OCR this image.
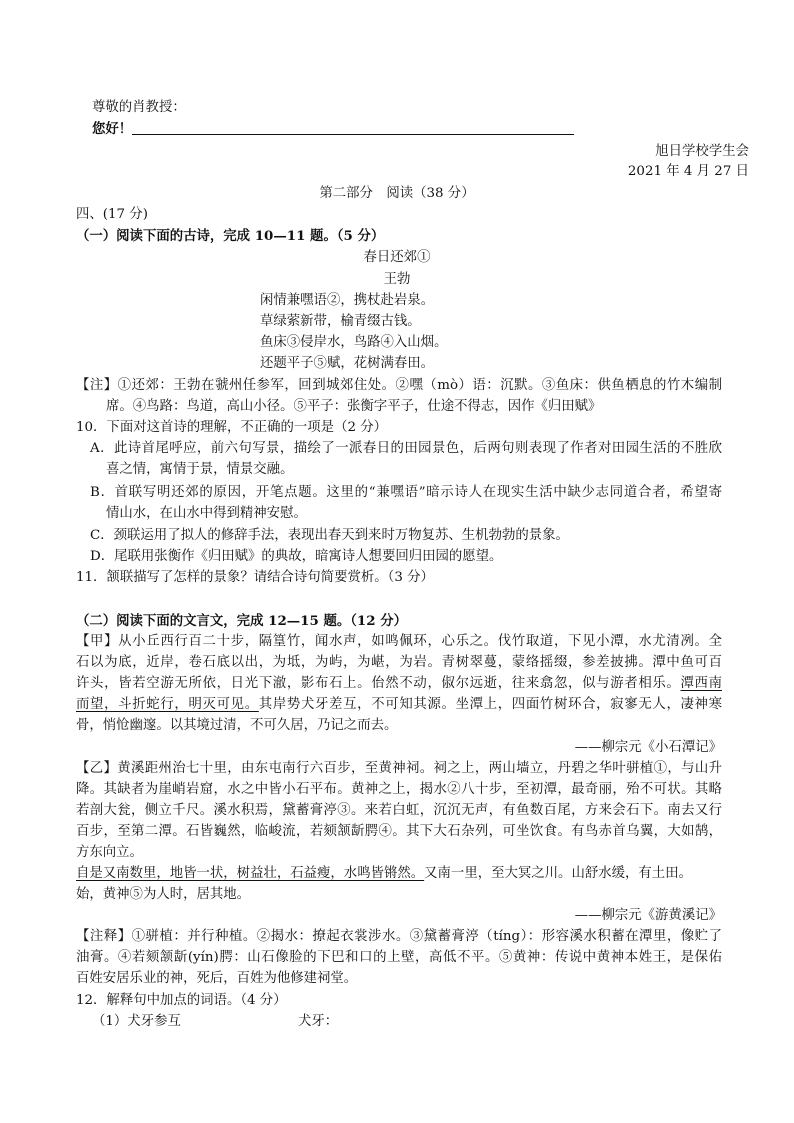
尊敬的肖教授：
您好！
旭日学校学生会
2021 年 4 月 27 日
第二部分　阅读（38 分）
四、(17 分)
（一）阅读下面的古诗，完成 10—11 题。（5 分）
春日还郊①
王勃
闲情兼嘿语②，携杖赴岩泉。
草绿萦新带，榆青缀古钱。
鱼床③侵岸水，鸟路④入山烟。
还题平子⑤赋，花树满春田。
【注】①还郊：王勃在虢州任参军，回到城郊住处。②嘿（mò）语：沉默。③鱼床：供鱼栖息的竹木编制
席。④鸟路：鸟道，高山小径。⑤平子：张衡字平子，仕途不得志，因作《归田赋》
10．下面对这首诗的理解，不正确的一项是（2 分）
A．此诗首尾呼应，前六句写景，描绘了一派春日的田园景色，后两句则表现了作者对田园生活的不胜欣
喜之情，寓情于景，情景交融。
B．首联写明还郊的原因，开笔点题。这里的“兼嘿语”暗示诗人在现实生活中缺少志同道合者，希望寄
情山水，在山水中得到精神安慰。
C．颈联运用了拟人的修辞手法，表现出春天到来时万物复苏、生机勃勃的景象。
D．尾联用张衡作《归田赋》的典故，暗寓诗人想要回归田园的愿望。
11．颔联描写了怎样的景象？请结合诗句简要赏析。（3 分）
（二）阅读下面的文言文，完成 12—15 题。（12 分）
【甲】从小丘西行百二十步，隔篁竹，闻水声，如鸣佩环，心乐之。伐竹取道，下见小潭，水尤清冽。全
石以为底，近岸，卷石底以出，为坻，为屿，为嵁，为岩。青树翠蔓，蒙络摇缀，参差披拂。潭中鱼可百
许头，皆若空游无所依，日光下澈，影布石上。佁然不动，俶尔远逝，往来翕忽，似与游者相乐。潭西南
而望，斗折蛇行，明灭可见。其岸势犬牙差互，不可知其源。坐潭上，四面竹树环合，寂寥无人，凄神寒
骨，悄怆幽邃。以其境过清，不可久居，乃记之而去。
——柳宗元《小石潭记》
【乙】黄溪距州治七十里，由东屯南行六百步，至黄神祠。祠之上，两山墙立，丹碧之华叶骈植①，与山升
降。其缺者为崖峭岩窟，水之中皆小石平布。黄神之上，揭水②八十步，至初潭，最奇丽，殆不可状。其略
若剖大瓮，侧立千尺。溪水积焉，黛蓄膏渟③。来若白虹，沉沉无声，有鱼数百尾，方来会石下。南去又行
百步，至第二潭。石皆巍然，临峻流，若颏颔龂腭④。其下大石杂列，可坐饮食。有鸟赤首乌翼，大如鹄，
方东向立。
自是又南数里，地皆一状，树益壮，石益瘦，水鸣皆锵然。又南一里，至大冥之川。山舒水缓，有土田。
始，黄神⑤为人时，居其地。
——柳宗元《游黄溪记》
【注释】①骈植：并行种植。②揭水：撩起衣裳涉水。③黛蓄膏渟（tíng）：形容溪水积蓄在潭里，像贮了
油膏。④若颏颔龂(yín)腭：山石像脸的下巴和口的上壁，高低不平。⑤黄神：传说中黄神本姓王，是保佑
百姓安居乐业的神，死后，百姓为他修建祠堂。
12．解释句中加点的词语。（4 分）
（1）犬牙参互	犬牙：
